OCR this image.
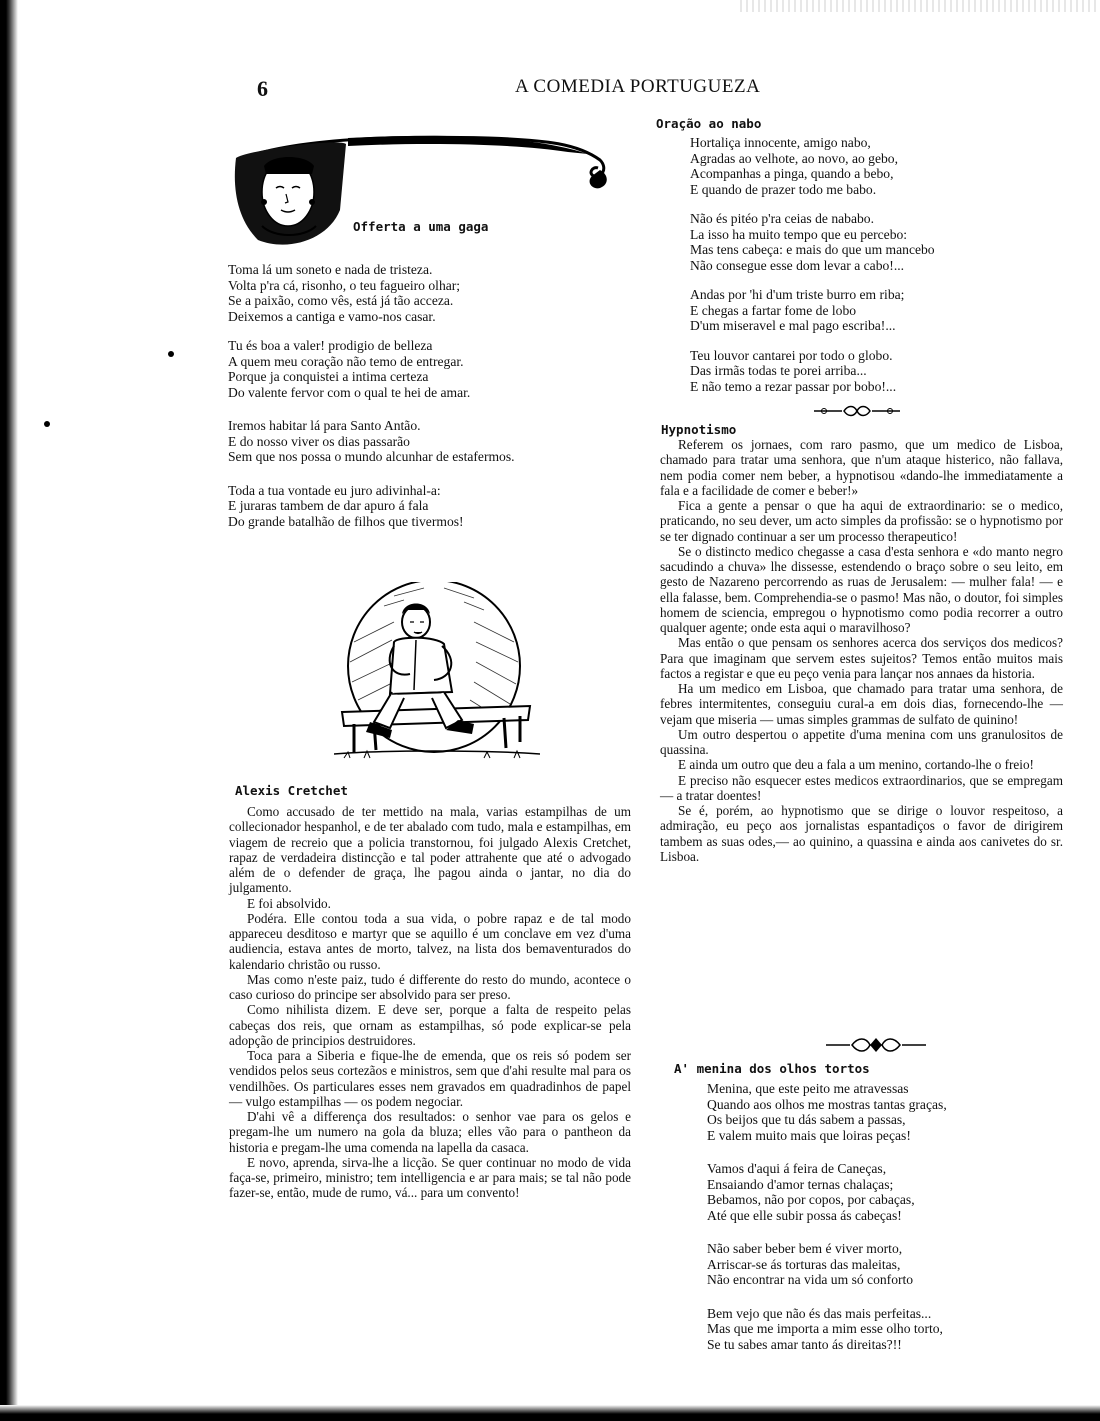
6	A COMEDIA PORTUGUEZA
Offerta a uma gaga
Toma lá um soneto e nada de tristeza.
Volta p'ra cá, risonho, o teu fagueiro olhar;
Se a paixão, como vês, está já tão acceza.
Deixemos a cantiga e vamo-nos casar.
Tu és boa a valer! prodigio de belleza
A quem meu coração não temo de entregar.
Porque ja conquistei a intima certeza
Do valente fervor com o qual te hei de amar.
Iremos habitar lá para Santo Antão.
E do nosso viver os dias passarão
Sem que nos possa o mundo alcunhar de estafermos.
Toda a tua vontade eu juro adivinhal-a:
E juraras tambem de dar apuro á fala
Do grande batalhão de filhos que tivermos!
Alexis Cretchet

Como accusado de ter mettido na mala, varias estampilhas de um collecionador hespanhol, e de ter abalado com tudo, mala e estampilhas, em viagem de recreio que a policia transtornou, foi julgado Alexis Cretchet, rapaz de verdadeira distincção e tal poder attrahente que até o advogado além de o defender de graça, lhe pagou ainda o jantar, no dia do julgamento.

E foi absolvido.

Podéra. Elle contou toda a sua vida, o pobre rapaz e de tal modo appareceu desditoso e martyr que se aquillo é um conclave em vez d'uma audiencia, estava antes de morto, talvez, na lista dos bemaventurados do kalendario christão ou russo.

Mas como n'este paiz, tudo é differente do resto do mundo, acontece o caso curioso do principe ser absolvido para ser preso.

Como nihilista dizem. E deve ser, porque a falta de respeito pelas cabeças dos reis, que ornam as estampilhas, só pode explicar-se pela adopção de principios destruidores.

Toca para a Siberia e fique-lhe de emenda, que os reis só podem ser vendidos pelos seus cortezãos e ministros, sem que d'ahi resulte mal para os vendilhões. Os particulares esses nem gravados em quadradinhos de papel — vulgo estampilhas — os podem negociar.

D'ahi vê a differença dos resultados: o senhor vae para os gelos e pregam-lhe um numero na gola da bluza; elles vão para o pantheon da historia e pregam-lhe uma comenda na lapella da casaca.

E novo, aprenda, sirva-lhe a licção. Se quer continuar no modo de vida faça-se, primeiro, ministro; tem intelligencia e ar para mais; se tal não pode fazer-se, então, mude de rumo, vá... para um convento!

Oração ao nabo
Hortaliça innocente, amigo nabo,
Agradas ao velhote, ao novo, ao gebo,
Acompanhas a pinga, quando a bebo,
E quando de prazer todo me babo.
Não és pitéo p'ra ceias de nababo.
La isso ha muito tempo que eu percebo:
Mas tens cabeça: e mais do que um mancebo
Não consegue esse dom levar a cabo!...
Andas por 'hi d'um triste burro em riba;
E chegas a fartar fome de lobo
D'um miseravel e mal pago escriba!...
Teu louvor cantarei por todo o globo.
Das irmãs todas te porei arriba...
E não temo a rezar passar por bobo!...
Hypnotismo

Referem os jornaes, com raro pasmo, que um medico de Lisboa, chamado para tratar uma senhora, que n'um ataque histerico, não fallava, nem podia comer nem beber, a hypnotisou «dando-lhe immediatamente a fala e a facilidade de comer e beber!»

Fica a gente a pensar o que ha aqui de extraordinario: se o medico, praticando, no seu dever, um acto simples da profissão: se o hypnotismo por se ter dignado continuar a ser um processo therapeutico!

Se o distincto medico chegasse a casa d'esta senhora e «do manto negro sacudindo a chuva» lhe dissesse, estendendo o braço sobre o seu leito, em gesto de Nazareno percorrendo as ruas de Jerusalem: — mulher fala! — e ella falasse, bem. Comprehendia-se o pasmo! Mas não, o doutor, foi simples homem de sciencia, empregou o hypnotismo como podia recorrer a outro qualquer agente; onde esta aqui o maravilhoso?

Mas então o que pensam os senhores acerca dos serviços dos medicos? Para que imaginam que servem estes sujeitos? Temos então muitos mais factos a registar e que eu peço venia para lançar nos annaes da historia.

Ha um medico em Lisboa, que chamado para tratar uma senhora, de febres intermitentes, conseguiu cural-a em dois dias, fornecendo-lhe — vejam que miseria — umas simples grammas de sulfato de quinino!

Um outro despertou o appetite d'uma menina com uns granulositos de quassina.

E ainda um outro que deu a fala a um menino, cortando-lhe o freio!

E preciso não esquecer estes medicos extraordinarios, que se empregam — a tratar doentes!

Se é, porém, ao hypnotismo que se dirige o louvor respeitoso, a admiração, eu peço aos jornalistas espantadiços o favor de dirigirem tambem as suas odes,— ao quinino, a quassina e ainda aos canivetes do sr. Lisboa.

A' menina dos olhos tortos
Menina, que este peito me atravessas
Quando aos olhos me mostras tantas graças,
Os beijos que tu dás sabem a passas,
E valem muito mais que loiras peças!
Vamos d'aqui á feira de Caneças,
Ensaiando d'amor ternas chalaças;
Bebamos, não por copos, por cabaças,
Até que elle subir possa ás cabeças!
Não saber beber bem é viver morto,
Arriscar-se ás torturas das maleitas,
Não encontrar na vida um só conforto
Bem vejo que não és das mais perfeitas...
Mas que me importa a mim esse olho torto,
Se tu sabes amar tanto ás direitas?!!
